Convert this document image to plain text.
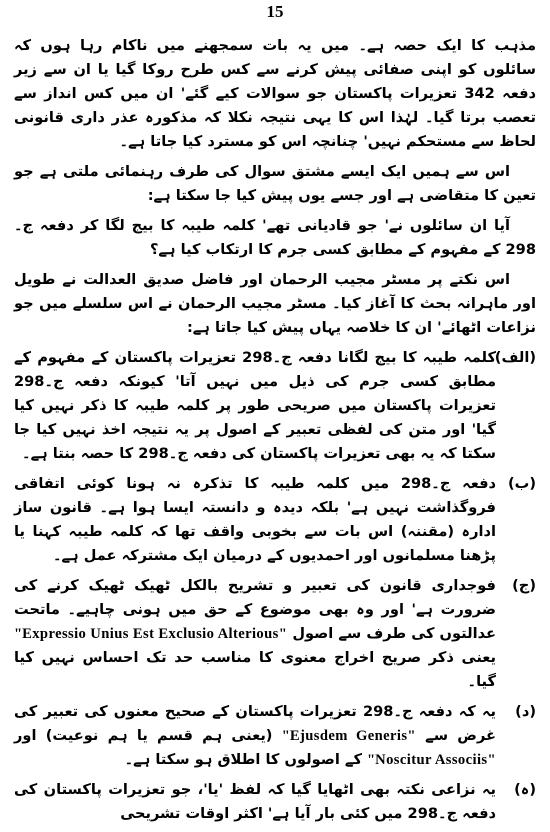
15

مذہب کا ایک حصہ ہے۔ میں یہ بات سمجھنے میں ناکام رہا ہوں کہ سائلوں کو اپنی صفائی پیش کرنے سے کس طرح روکا گیا یا ان سے زیر دفعہ 342 تعزیرات پاکستان جو سوالات کیے گئے' ان میں کس انداز سے تعصب برتا گیا۔ لہٰذا اس کا یہی نتیجہ نکلا کہ مذکورہ عذر داری قانونی لحاظ سے مستحکم نہیں' چنانچہ اس کو مسترد کیا جاتا ہے۔

اس سے ہمیں ایک ایسے مشتق سوال کی طرف رہنمائی ملتی ہے جو تعین کا متقاضی ہے اور جسے یوں پیش کیا جا سکتا ہے:

آیا ان سائلوں نے' جو قادیانی تھے' کلمہ طیبہ کا بیج لگا کر دفعہ ج۔298 کے مفہوم کے مطابق کسی جرم کا ارتکاب کیا ہے؟

اس نکتے پر مسٹر مجیب الرحمان اور فاضل صدیق العدالت نے طویل اور ماہرانہ بحث کا آغاز کیا۔ مسٹر مجیب الرحمان نے اس سلسلے میں جو نزاعات اٹھائے' ان کا خلاصہ یہاں پیش کیا جاتا ہے:

(الف)
کلمہ طیبہ کا بیج لگانا دفعہ ج۔298 تعزیرات پاکستان کے مفہوم کے مطابق کسی جرم کی ذیل میں نہیں آتا' کیونکہ دفعہ ج۔298 تعزیرات پاکستان میں صریحی طور پر کلمہ طیبہ کا ذکر نہیں کیا گیا' اور متن کی لفظی تعبیر کے اصول پر یہ نتیجہ اخذ نہیں کیا جا سکتا کہ یہ بھی تعزیرات پاکستان کی دفعہ ج۔298 کا حصہ بنتا ہے۔

(ب)
دفعہ ج۔298 میں کلمہ طیبہ کا تذکرہ نہ ہونا کوئی اتفاقی فروگذاشت نہیں ہے' بلکہ دیدہ و دانستہ ایسا ہوا ہے۔ قانون ساز ادارہ (مقننہ) اس بات سے بخوبی واقف تھا کہ کلمہ طیبہ کہنا یا پڑھنا مسلمانوں اور احمدیوں کے درمیان ایک مشترکہ عمل ہے۔

(ج)
فوجداری قانون کی تعبیر و تشریح بالکل ٹھیک ٹھیک کرنے کی ضرورت ہے' اور وہ بھی موضوع کے حق میں ہونی چاہیے۔ ماتحت عدالتوں کی طرف سے اصول "Expressio Unius Est Exclusio Alterious" یعنی ذکر صریح اخراج معنوی کا مناسب حد تک احساس نہیں کیا گیا۔

(د)
یہ کہ دفعہ ج۔298 تعزیرات پاکستان کے صحیح معنوں کی تعبیر کی غرض سے "Ejusdem Generis" (یعنی ہم قسم یا ہم نوعیت) اور "Noscitur Associis" کے اصولوں کا اطلاق ہو سکتا ہے۔

(ہ)
یہ نزاعی نکتہ بھی اٹھایا گیا کہ لفظ 'یا'، جو تعزیرات پاکستان کی دفعہ ج۔298 میں کئی بار آیا ہے' اکثر اوقات تشریحی
